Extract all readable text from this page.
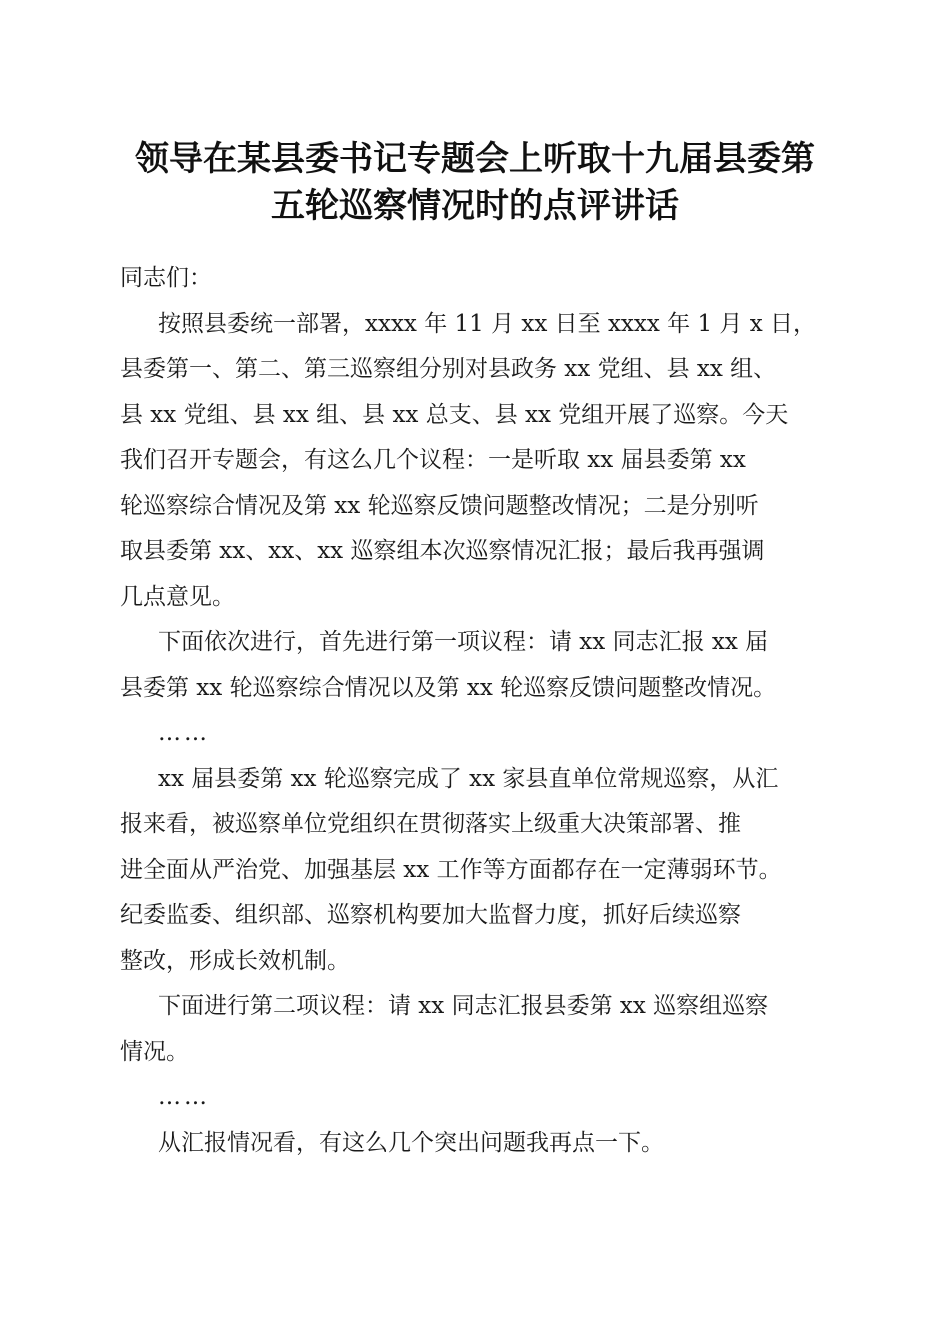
领导在某县委书记专题会上听取十九届县委第
五轮巡察情况时的点评讲话

同志们：

按照县委统一部署，xxxx 年 11 月 xx 日至 xxxx 年 1 月 x 日，
县委第一、第二、第三巡察组分别对县政务 xx 党组、县 xx 组、
县 xx 党组、县 xx 组、县 xx 总支、县 xx 党组开展了巡察。今天
我们召开专题会，有这么几个议程：一是听取 xx 届县委第 xx
轮巡察综合情况及第 xx 轮巡察反馈问题整改情况；二是分别听
取县委第 xx、xx、xx 巡察组本次巡察情况汇报；最后我再强调
几点意见。

下面依次进行，首先进行第一项议程：请 xx 同志汇报 xx 届
县委第 xx 轮巡察综合情况以及第 xx 轮巡察反馈问题整改情况。

……

xx 届县委第 xx 轮巡察完成了 xx 家县直单位常规巡察，从汇
报来看，被巡察单位党组织在贯彻落实上级重大决策部署、推
进全面从严治党、加强基层 xx 工作等方面都存在一定薄弱环节。
纪委监委、组织部、巡察机构要加大监督力度，抓好后续巡察
整改，形成长效机制。

下面进行第二项议程：请 xx 同志汇报县委第 xx 巡察组巡察
情况。

……

从汇报情况看，有这么几个突出问题我再点一下。
